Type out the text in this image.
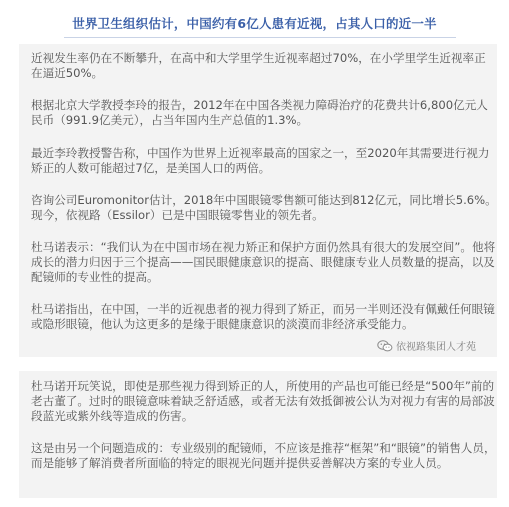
世界卫生组织估计，中国约有6亿人患有近视，占其人口的近一半

近视发生率仍在不断攀升，在高中和大学里学生近视率超过70%，在小学里学生近视率正在逼近50%。

根据北京大学教授李玲的报告，2012年在中国各类视力障碍治疗的花费共计6,800亿元人民币（991.9亿美元），占当年国内生产总值的1.3%。

最近李玲教授警告称，中国作为世界上近视率最高的国家之一，至2020年其需要进行视力矫正的人数可能超过7亿，是美国人口的两倍。

咨询公司Euromonitor估计，2018年中国眼镜零售额可能达到812亿元，同比增长5.6%。现今，依视路（Essilor）已是中国眼镜零售业的领先者。

杜马诺表示：“我们认为在中国市场在视力矫正和保护方面仍然具有很大的发展空间”。他将成长的潜力归因于三个提高——国民眼健康意识的提高、眼健康专业人员数量的提高，以及配镜师的专业性的提高。

杜马诺指出，在中国，一半的近视患者的视力得到了矫正，而另一半则还没有佩戴任何眼镜或隐形眼镜，他认为这更多的是缘于眼健康意识的淡漠而非经济承受能力。

依视路集团人才苑

杜马诺开玩笑说，即使是那些视力得到矫正的人，所使用的产品也可能已经是“500年”前的老古董了。过时的眼镜意味着缺乏舒适感，或者无法有效抵御被公认为对视力有害的局部波段蓝光或紫外线等造成的伤害。

这是由另一个问题造成的：专业级别的配镜师，不应该是推荐“框架”和“眼镜”的销售人员，而是能够了解消费者所面临的特定的眼视光问题并提供妥善解决方案的专业人员。
